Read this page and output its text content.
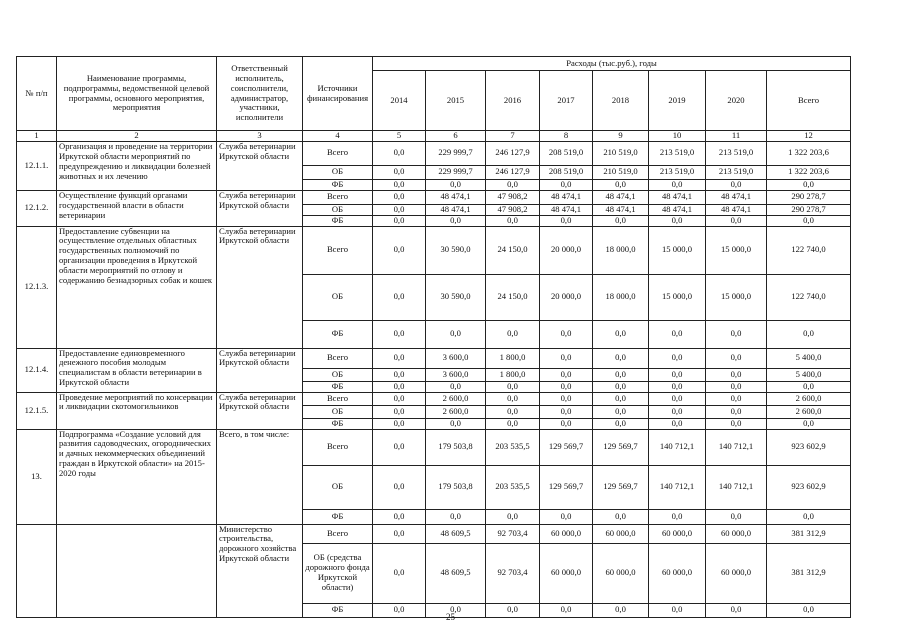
№ п/п	Наименование программы, подпрограммы, ведомственной целевой программы, основного мероприятия, мероприятия	Ответственный исполнитель, соисполнители, администратор, участники, исполнители	Источники финансирования	Расходы (тыс.руб.), годы							
				2014	2015	2016	2017	2018	2019	2020	Всего
1	2	3	4	5	6	7	8	9	10	11	12
12.1.1.	Организация и проведение на территории Иркутской области мероприятий по предупреждению и ликвидации болезней животных и их лечению	Служба ветеринарии Иркутской области	Всего	0,0	229 999,7	246 127,9	208 519,0	210 519,0	213 519,0	213 519,0	1 322 203,6
			ОБ	0,0	229 999,7	246 127,9	208 519,0	210 519,0	213 519,0	213 519,0	1 322 203,6
			ФБ	0,0	0,0	0,0	0,0	0,0	0,0	0,0	0,0
12.1.2.	Осуществление функций органами государственной власти в области ветеринарии	Служба ветеринарии Иркутской области	Всего	0,0	48 474,1	47 908,2	48 474,1	48 474,1	48 474,1	48 474,1	290 278,7
			ОБ	0,0	48 474,1	47 908,2	48 474,1	48 474,1	48 474,1	48 474,1	290 278,7
			ФБ	0,0	0,0	0,0	0,0	0,0	0,0	0,0	0,0
12.1.3.	Предоставление субвенции на осуществление отдельных областных государственных полномочий по организации проведения в Иркутской области мероприятий по отлову и содержанию безнадзорных собак и кошек	Служба ветеринарии Иркутской области	Всего	0,0	30 590,0	24 150,0	20 000,0	18 000,0	15 000,0	15 000,0	122 740,0
			ОБ	0,0	30 590,0	24 150,0	20 000,0	18 000,0	15 000,0	15 000,0	122 740,0
			ФБ	0,0	0,0	0,0	0,0	0,0	0,0	0,0	0,0
12.1.4.	Предоставление единовременного денежного пособия молодым специалистам в области ветеринарии в Иркутской области	Служба ветеринарии Иркутской области	Всего	0,0	3 600,0	1 800,0	0,0	0,0	0,0	0,0	5 400,0
			ОБ	0,0	3 600,0	1 800,0	0,0	0,0	0,0	0,0	5 400,0
			ФБ	0,0	0,0	0,0	0,0	0,0	0,0	0,0	0,0
12.1.5.	Проведение мероприятий по консервации и ликвидации скотомогильников	Служба ветеринарии Иркутской области	Всего	0,0	2 600,0	0,0	0,0	0,0	0,0	0,0	2 600,0
			ОБ	0,0	2 600,0	0,0	0,0	0,0	0,0	0,0	2 600,0
			ФБ	0,0	0,0	0,0	0,0	0,0	0,0	0,0	0,0
13.	Подпрограмма «Создание условий для развития садоводческих, огороднических и дачных некоммерческих объединений граждан в Иркутской области» на 2015-2020 годы	Всего, в том числе:	Всего	0,0	179 503,8	203 535,5	129 569,7	129 569,7	140 712,1	140 712,1	923 602,9
			ОБ	0,0	179 503,8	203 535,5	129 569,7	129 569,7	140 712,1	140 712,1	923 602,9
			ФБ	0,0	0,0	0,0	0,0	0,0	0,0	0,0	0,0
		Министерство строительства, дорожного хозяйства Иркутской области	Всего	0,0	48 609,5	92 703,4	60 000,0	60 000,0	60 000,0	60 000,0	381 312,9
			ОБ (средства дорожного фонда Иркутской области)	0,0	48 609,5	92 703,4	60 000,0	60 000,0	60 000,0	60 000,0	381 312,9
			ФБ	0,0	0,0	0,0	0,0	0,0	0,0	0,0	0,0
25
